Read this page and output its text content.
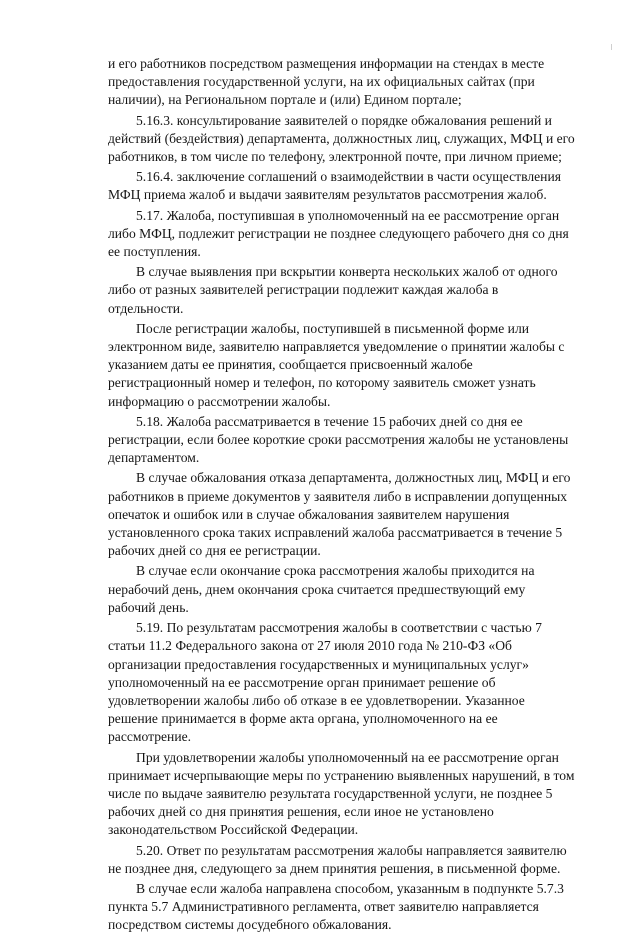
и его работников посредством размещения информации на стендах в месте
предоставления государственной услуги, на их официальных сайтах (при
наличии), на Региональном портале и (или) Едином портале;

5.16.3. консультирование заявителей о порядке обжалования решений и
действий (бездействия) департамента, должностных лиц, служащих, МФЦ и его
работников, в том числе по телефону, электронной почте, при личном приеме;

5.16.4. заключение соглашений о взаимодействии в части осуществления
МФЦ приема жалоб и выдачи заявителям результатов рассмотрения жалоб.

5.17. Жалоба, поступившая в уполномоченный на ее рассмотрение орган
либо МФЦ, подлежит регистрации не позднее следующего рабочего дня со дня
ее поступления.

В случае выявления при вскрытии конверта нескольких жалоб от одного
либо от разных заявителей регистрации подлежит каждая жалоба в
отдельности.

После регистрации жалобы, поступившей в письменной форме или
электронном виде, заявителю направляется уведомление о принятии жалобы с
указанием даты ее принятия, сообщается присвоенный жалобе
регистрационный номер и телефон, по которому заявитель сможет узнать
информацию о рассмотрении жалобы.

5.18. Жалоба рассматривается в течение 15 рабочих дней со дня ее
регистрации, если более короткие сроки рассмотрения жалобы не установлены
департаментом.

В случае обжалования отказа департамента, должностных лиц, МФЦ и его
работников в приеме документов у заявителя либо в исправлении допущенных
опечаток и ошибок или в случае обжалования заявителем нарушения
установленного срока таких исправлений жалоба рассматривается в течение 5
рабочих дней со дня ее регистрации.

В случае если окончание срока рассмотрения жалобы приходится на
нерабочий день, днем окончания срока считается предшествующий ему
рабочий день.

5.19. По результатам рассмотрения жалобы в соответствии с частью 7
статьи 11.2 Федерального закона от 27 июля 2010 года № 210-ФЗ «Об
организации предоставления государственных и муниципальных услуг»
уполномоченный на ее рассмотрение орган принимает решение об
удовлетворении жалобы либо об отказе в ее удовлетворении. Указанное
решение принимается в форме акта органа, уполномоченного на ее
рассмотрение.

При удовлетворении жалобы уполномоченный на ее рассмотрение орган
принимает исчерпывающие меры по устранению выявленных нарушений, в том
числе по выдаче заявителю результата государственной услуги, не позднее 5
рабочих дней со дня принятия решения, если иное не установлено
законодательством Российской Федерации.

5.20. Ответ по результатам рассмотрения жалобы направляется заявителю
не позднее дня, следующего за днем принятия решения, в письменной форме.

В случае если жалоба направлена способом, указанным в подпункте 5.7.3
пункта 5.7 Административного регламента, ответ заявителю направляется
посредством системы досудебного обжалования.
